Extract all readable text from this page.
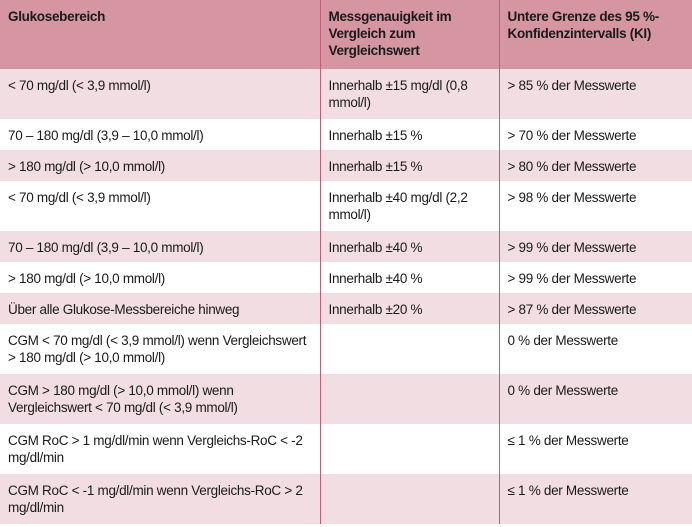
Glukosebereich	Messgenauigkeit im Vergleich zum Vergleichswert	Untere Grenze des 95 %-Konfidenzintervalls (KI)
< 70 mg/dl (< 3,9 mmol/l)	Innerhalb ±15 mg/dl (0,8 mmol/l)	> 85 % der Messwerte
70 – 180 mg/dl (3,9 – 10,0 mmol/l)	Innerhalb ±15 %	> 70 % der Messwerte
> 180 mg/dl (> 10,0 mmol/l)	Innerhalb ±15 %	> 80 % der Messwerte
< 70 mg/dl (< 3,9 mmol/l)	Innerhalb ±40 mg/dl (2,2 mmol/l)	> 98 % der Messwerte
70 – 180 mg/dl (3,9 – 10,0 mmol/l)	Innerhalb ±40 %	> 99 % der Messwerte
> 180 mg/dl (> 10,0 mmol/l)	Innerhalb ±40 %	> 99 % der Messwerte
Über alle Glukose-Messbereiche hinweg	Innerhalb ±20 %	> 87 % der Messwerte
CGM < 70 mg/dl (< 3,9 mmol/l) wenn Vergleichswert > 180 mg/dl (> 10,0 mmol/l)		0 % der Messwerte
CGM > 180 mg/dl (> 10,0 mmol/l) wenn Vergleichswert < 70 mg/dl (< 3,9 mmol/l)		0 % der Messwerte
CGM RoC > 1 mg/dl/min wenn Vergleichs-RoC < -2 mg/dl/min		≤ 1 % der Messwerte
CGM RoC < -1 mg/dl/min wenn Vergleichs-RoC > 2 mg/dl/min		≤ 1 % der Messwerte
